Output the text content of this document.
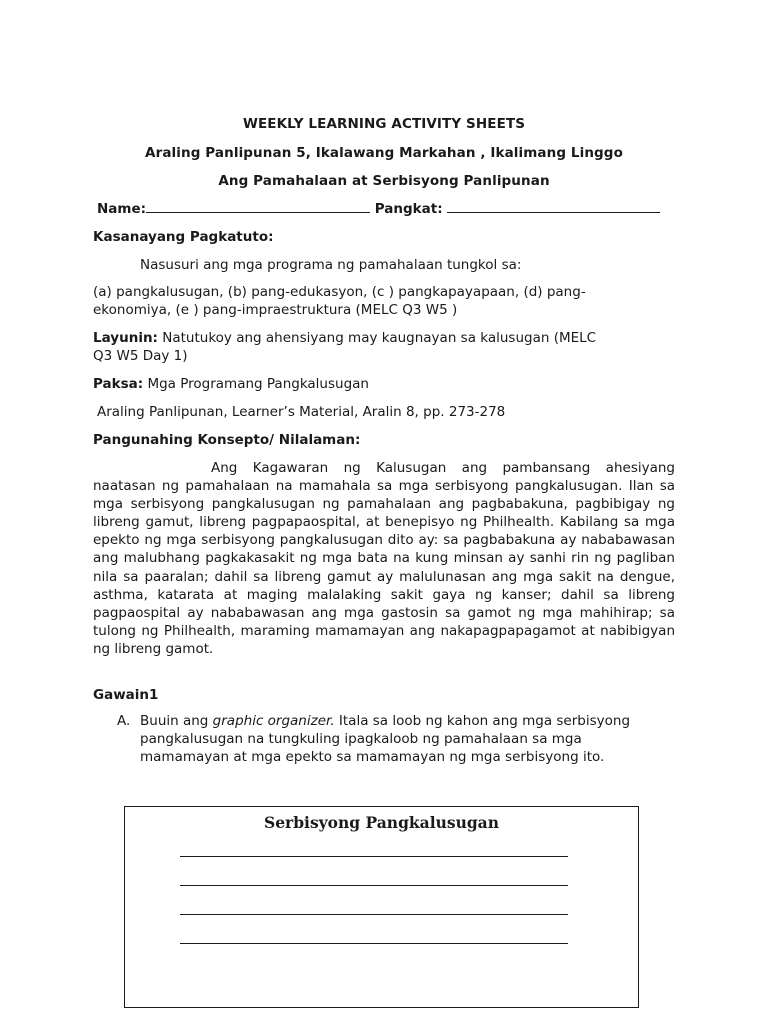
WEEKLY LEARNING ACTIVITY SHEETS
Araling Panlipunan 5, Ikalawang Markahan , Ikalimang Linggo
Ang Pamahalaan at Serbisyong Panlipunan
Name:	Pangkat:
Kasanayang Pagkatuto:
Nasusuri ang mga programa ng pamahalaan tungkol sa:
(a) pangkalusugan, (b) pang-edukasyon, (c ) pangkapayapaan, (d) pang-
ekonomiya, (e ) pang-impraestruktura (MELC Q3 W5 )
Layunin: Natutukoy ang ahensiyang may kaugnayan sa kalusugan (MELC
Q3 W5 Day 1)
Paksa: Mga Programang Pangkalusugan
Araling Panlipunan, Learner’s Material, Aralin 8, pp. 273-278
Pangunahing Konsepto/ Nilalaman:
Ang Kagawaran ng Kalusugan ang pambansang ahesiyang naatasan ng pamahalaan na mamahala sa mga serbisyong pangkalusugan. Ilan sa mga serbisyong pangkalusugan ng pamahalaan ang pagbabakuna, pagbibigay ng libreng gamut, libreng pagpapaospital, at benepisyo ng Philhealth. Kabilang sa mga epekto ng mga serbisyong pangkalusugan dito ay: sa pagbabakuna ay nababawasan ang malubhang pagkakasakit ng mga bata na kung minsan ay sanhi rin ng pagliban nila sa paaralan; dahil sa libreng gamut ay malulunasan ang mga sakit na dengue, asthma, katarata at maging malalaking sakit gaya ng kanser; dahil sa libreng pagpaospital ay nababawasan ang mga gastosin sa gamot ng mga mahihirap; sa tulong ng Philhealth, maraming mamamayan ang nakapagpapagamot at nabibigyan ng libreng gamot.
Gawain1
A. Buuin ang graphic organizer. Itala sa loob ng kahon ang mga serbisyong pangkalusugan na tungkuling ipagkaloob ng pamahalaan sa mga mamamayan at mga epekto sa mamamayan ng mga serbisyong ito.
Serbisyong Pangkalusugan
